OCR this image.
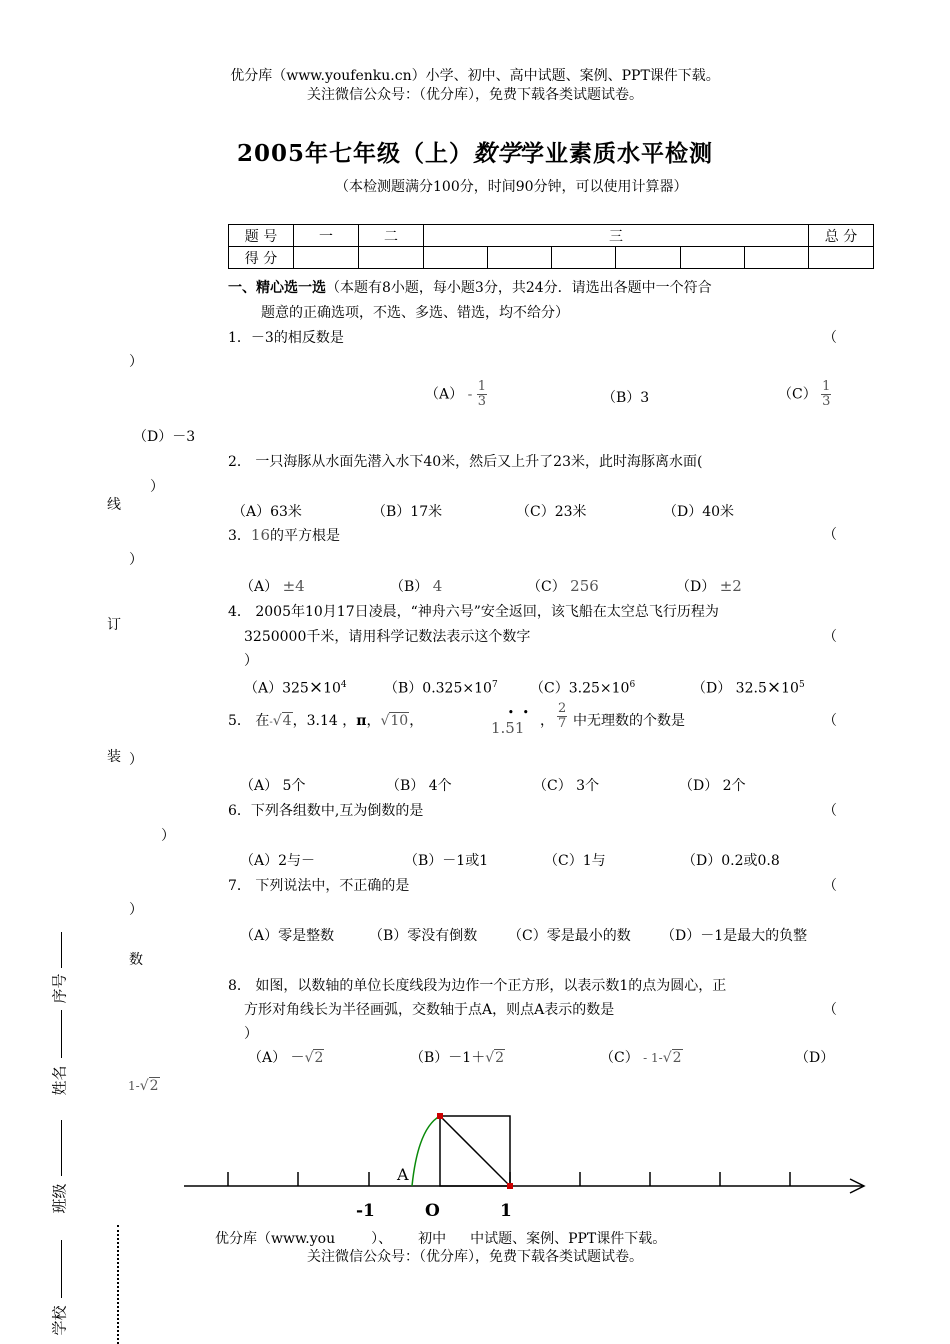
优分库（www.youfenku.cn）小学、初中、高中试题、案例、PPT课件下载。
关注微信公众号：（优分库），免费下载各类试题试卷。
2005年七年级（上）数学学业素质水平检测
（本检测题满分100分，时间90分钟，可以使用计算器）
题 号	一	二	三						总 分
得 分									
一、精心选一选（本题有8小题，每小题3分，共24分．请选出各题中一个符合
题意的正确选项，不选、多选、错选，均不给分）
1．－3的相反数是	（
）
$(A) - \frac{1}{3}$	（B）3	$(C) \frac{1}{3}$
（D）－3
2． 一只海豚从水面先潜入水下40米，然后又上升了23米，此时海豚离水面(
）
（A）63米	（B）17米	（C）23米	（D）40米
3．16的平方根是	（
）
（A） ±4	（B） 4	（C） 256	（D） ±2
4． 2005年10月17日凌晨，“神舟六号”安全返回，该飞船在太空总飞行历程为
3250000千米，请用科学记数法表示这个数字	（
）
$(A)325\times 10^4$	$(B)0.325\times 10^7$ $(C)3.25\times 10^6$	（D） $32.5\times 10^5$
5． 在-√4，3.14 ，π，√10，	• •
1.51 ， $\frac{2}{7}$ 中无理数的个数是	（
）
（A） 5个	（B） 4个	（C） 3个	（D） 2个
6．下列各组数中,互为倒数的是	（
）
（A）2与－	（B）－1或1	（C）1与	（D）0.2或0.8
7． 下列说法中，不正确的是	（
）
（A）零是整数 （B）零没有倒数 （C）零是最小的数 （D）－1是最大的负整
数
8． 如图，以数轴的单位长度线段为边作一个正方形，以表示数1的点为圆心，正
方形对角线长为半径画弧，交数轴于点A，则点A表示的数是	（
）
（A） －√2	（B）－1＋√2	（C） - 1-√2	（D）
1-√2
A
-1	O	1
优分库（www.you	）、 初中 中试题、案例、PPT课件下载。
关注微信公众号：（优分库），免费下载各类试题试卷。
线
订
装
序号
姓名
班级
学校
